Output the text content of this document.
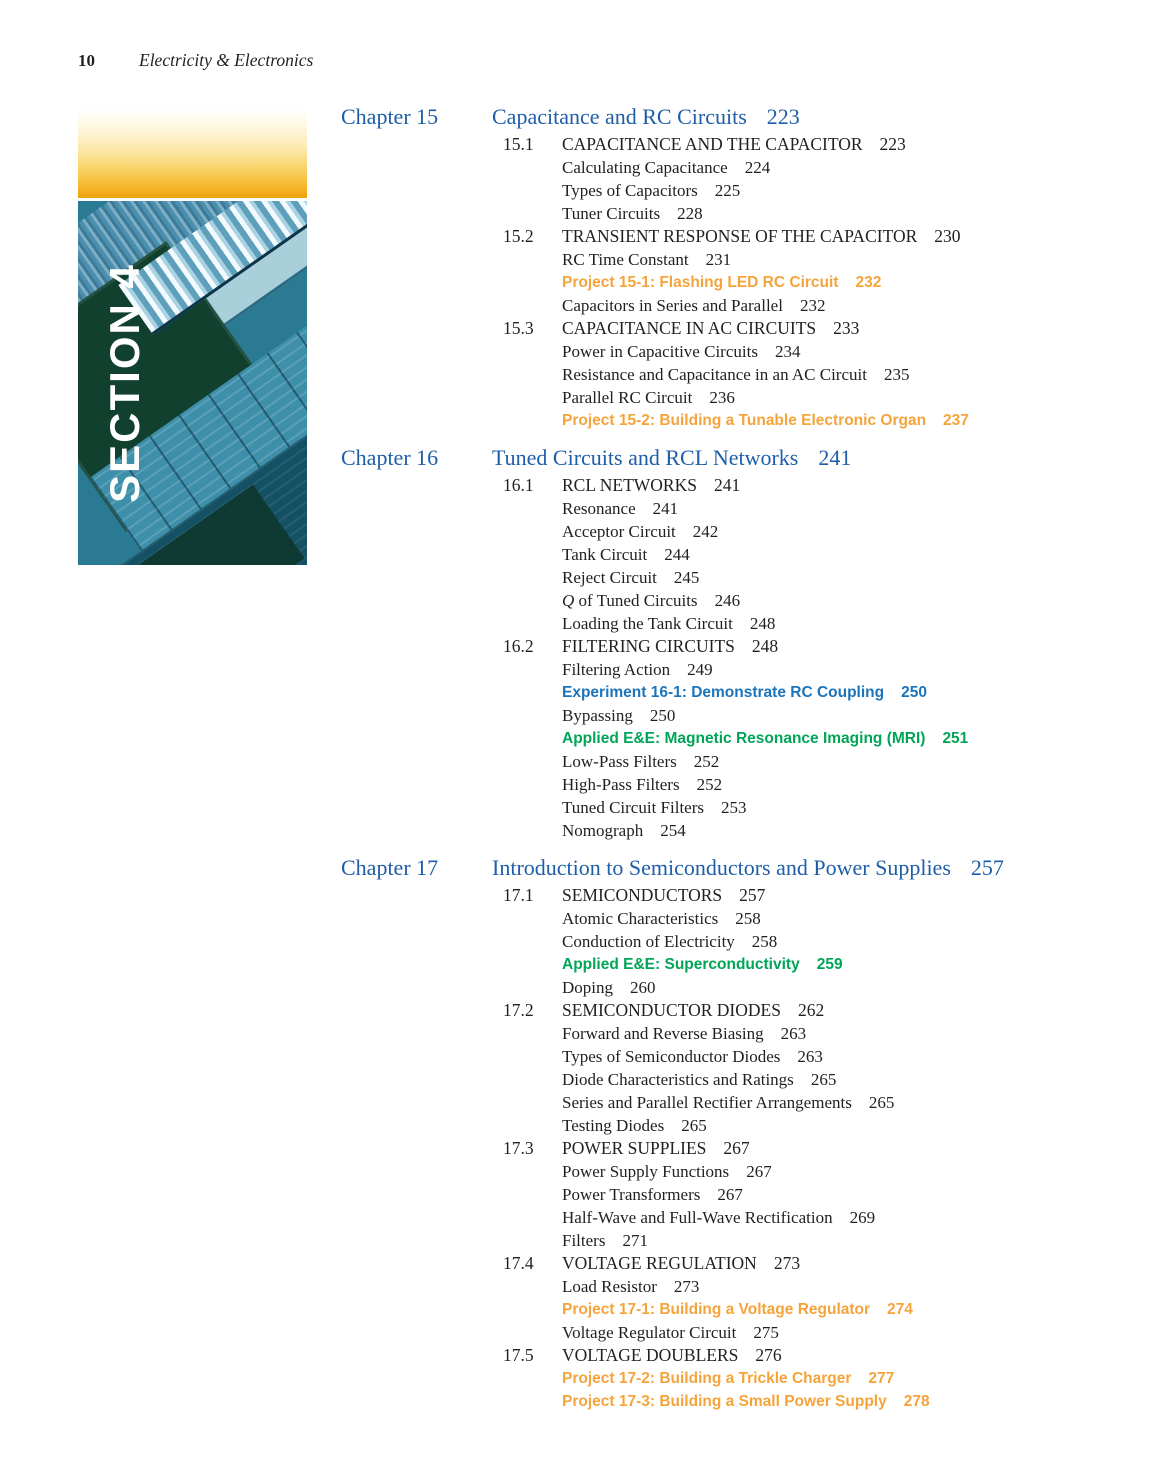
10	Electricity & Electronics
SECTION 4
Chapter 15 Capacitance and RC Circuits 223
15.1 CAPACITANCE AND THE CAPACITOR 223
Calculating Capacitance 224
Types of Capacitors 225
Tuner Circuits 228
15.2 TRANSIENT RESPONSE OF THE CAPACITOR 230
RC Time Constant 231
Project 15-1: Flashing LED RC Circuit 232
Capacitors in Series and Parallel 232
15.3 CAPACITANCE IN AC CIRCUITS 233
Power in Capacitive Circuits 234
Resistance and Capacitance in an AC Circuit 235
Parallel RC Circuit 236
Project 15-2: Building a Tunable Electronic Organ 237
Chapter 16 Tuned Circuits and RCL Networks 241
16.1 RCL NETWORKS 241
Resonance 241
Acceptor Circuit 242
Tank Circuit 244
Reject Circuit 245
Q of Tuned Circuits 246
Loading the Tank Circuit 248
16.2 FILTERING CIRCUITS 248
Filtering Action 249
Experiment 16-1: Demonstrate RC Coupling 250
Bypassing 250
Applied E&E: Magnetic Resonance Imaging (MRI) 251
Low-Pass Filters 252
High-Pass Filters 252
Tuned Circuit Filters 253
Nomograph 254
Chapter 17 Introduction to Semiconductors and Power Supplies 257
17.1 SEMICONDUCTORS 257
Atomic Characteristics 258
Conduction of Electricity 258
Applied E&E: Superconductivity 259
Doping 260
17.2 SEMICONDUCTOR DIODES 262
Forward and Reverse Biasing 263
Types of Semiconductor Diodes 263
Diode Characteristics and Ratings 265
Series and Parallel Rectifier Arrangements 265
Testing Diodes 265
17.3 POWER SUPPLIES 267
Power Supply Functions 267
Power Transformers 267
Half-Wave and Full-Wave Rectification 269
Filters 271
17.4 VOLTAGE REGULATION 273
Load Resistor 273
Project 17-1: Building a Voltage Regulator 274
Voltage Regulator Circuit 275
17.5 VOLTAGE DOUBLERS 276
Project 17-2: Building a Trickle Charger 277
Project 17-3: Building a Small Power Supply 278
